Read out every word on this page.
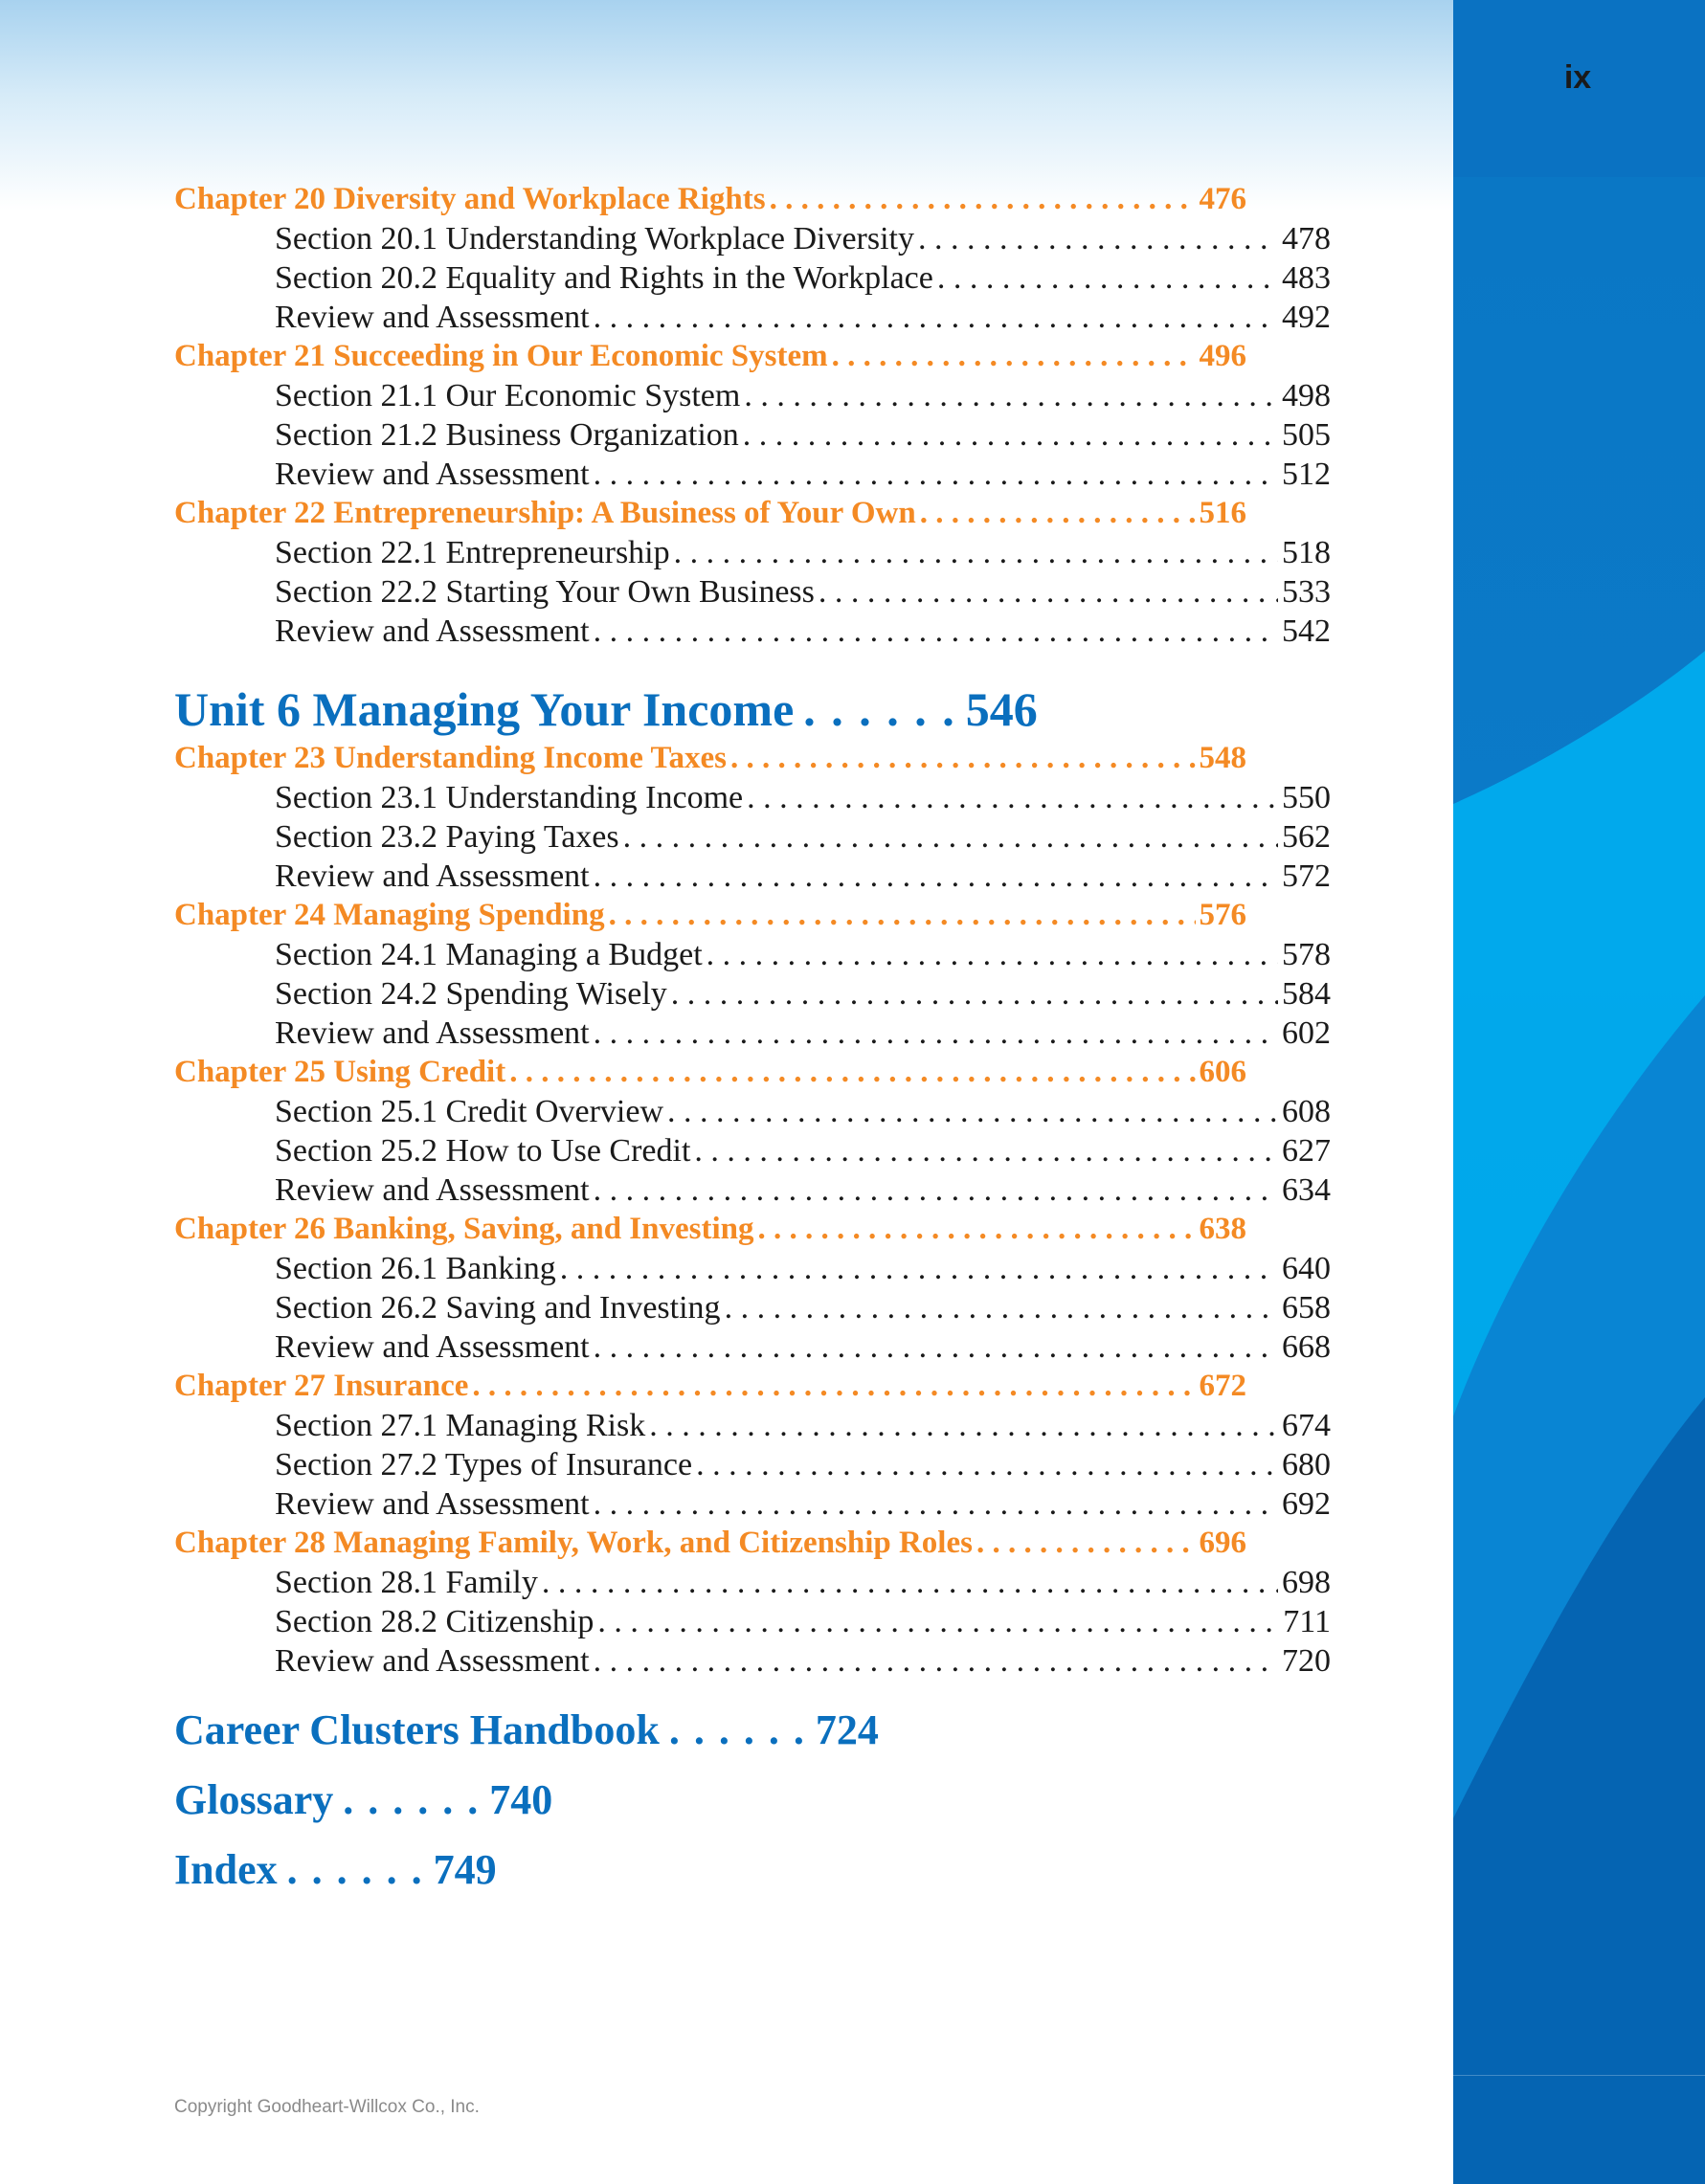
ix
Chapter 20 Diversity and Workplace Rights . . .	476
Section 20.1 Understanding Workplace Diversity . . .	478
Section 20.2 Equality and Rights in the Workplace . . .	483
Review and Assessment . . .	492
Chapter 21 Succeeding in Our Economic System . . .	496
Section 21.1 Our Economic System . . .	498
Section 21.2 Business Organization . . .	505
Review and Assessment . . .	512
Chapter 22 Entrepreneurship: A Business of Your Own . . .	516
Section 22.1 Entrepreneurship . . .	518
Section 22.2 Starting Your Own Business . . .	533
Review and Assessment . . .	542
Unit 6 Managing Your Income . . . . . . 546
Chapter 23 Understanding Income Taxes . . .	548
Section 23.1 Understanding Income . . .	550
Section 23.2 Paying Taxes . . .	562
Review and Assessment . . .	572
Chapter 24 Managing Spending . . .	576
Section 24.1 Managing a Budget . . .	578
Section 24.2 Spending Wisely . . .	584
Review and Assessment . . .	602
Chapter 25 Using Credit . . .	606
Section 25.1 Credit Overview . . .	608
Section 25.2 How to Use Credit . . .	627
Review and Assessment . . .	634
Chapter 26 Banking, Saving, and Investing . . .	638
Section 26.1 Banking . . .	640
Section 26.2 Saving and Investing . . .	658
Review and Assessment . . .	668
Chapter 27 Insurance . . .	672
Section 27.1 Managing Risk . . .	674
Section 27.2 Types of Insurance . . .	680
Review and Assessment . . .	692
Chapter 28 Managing Family, Work, and Citizenship Roles . . .	696
Section 28.1 Family . . .	698
Section 28.2 Citizenship . . .	711
Review and Assessment . . .	720
Career Clusters Handbook . . . . . . 724
Glossary . . . . . . 740
Index . . . . . . 749
Copyright Goodheart-Willcox Co., Inc.
